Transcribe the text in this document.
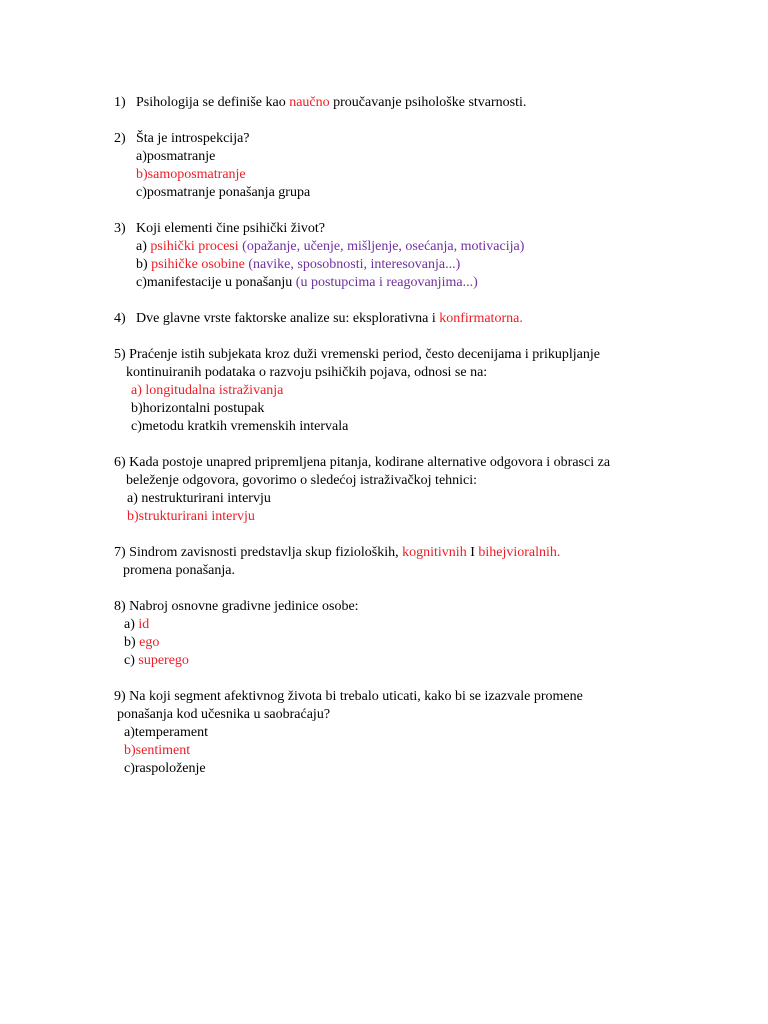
1) Psihologija se definiše kao naučno proučavanje psihološke stvarnosti.
2) Šta je introspekcija?
a)posmatranje
b)samoposmatranje
c)posmatranje ponašanja grupa
3) Koji elementi čine psihički život?
a) psihički procesi (opažanje, učenje, mišljenje, osećanja, motivacija)
b) psihičke osobine (navike, sposobnosti, interesovanja...)
c)manifestacije u ponašanju (u postupcima i reagovanjima...)
4) Dve glavne vrste faktorske analize su: eksplorativna i konfirmatorna.
5) Praćenje istih subjekata kroz duži vremenski period, često decenijama i prikupljanje
kontinuiranih podataka o razvoju psihičkih pojava, odnosi se na:
a) longitudalna istraživanja
b)horizontalni postupak
c)metodu kratkih vremenskih intervala
6) Kada postoje unapred pripremljena pitanja, kodirane alternative odgovora i obrasci za
beleženje odgovora, govorimo o sledećoj istraživačkoj tehnici:
a) nestrukturirani intervju
b)strukturirani intervju
7) Sindrom zavisnosti predstavlja skup fizioloških, kognitivnih I bihejvioralnih.
promena ponašanja.
8) Nabroj osnovne gradivne jedinice osobe:
a) id
b) ego
c) superego
9) Na koji segment afektivnog života bi trebalo uticati, kako bi se izazvale promene
ponašanja kod učesnika u saobraćaju?
a)temperament
b)sentiment
c)raspoloženje
